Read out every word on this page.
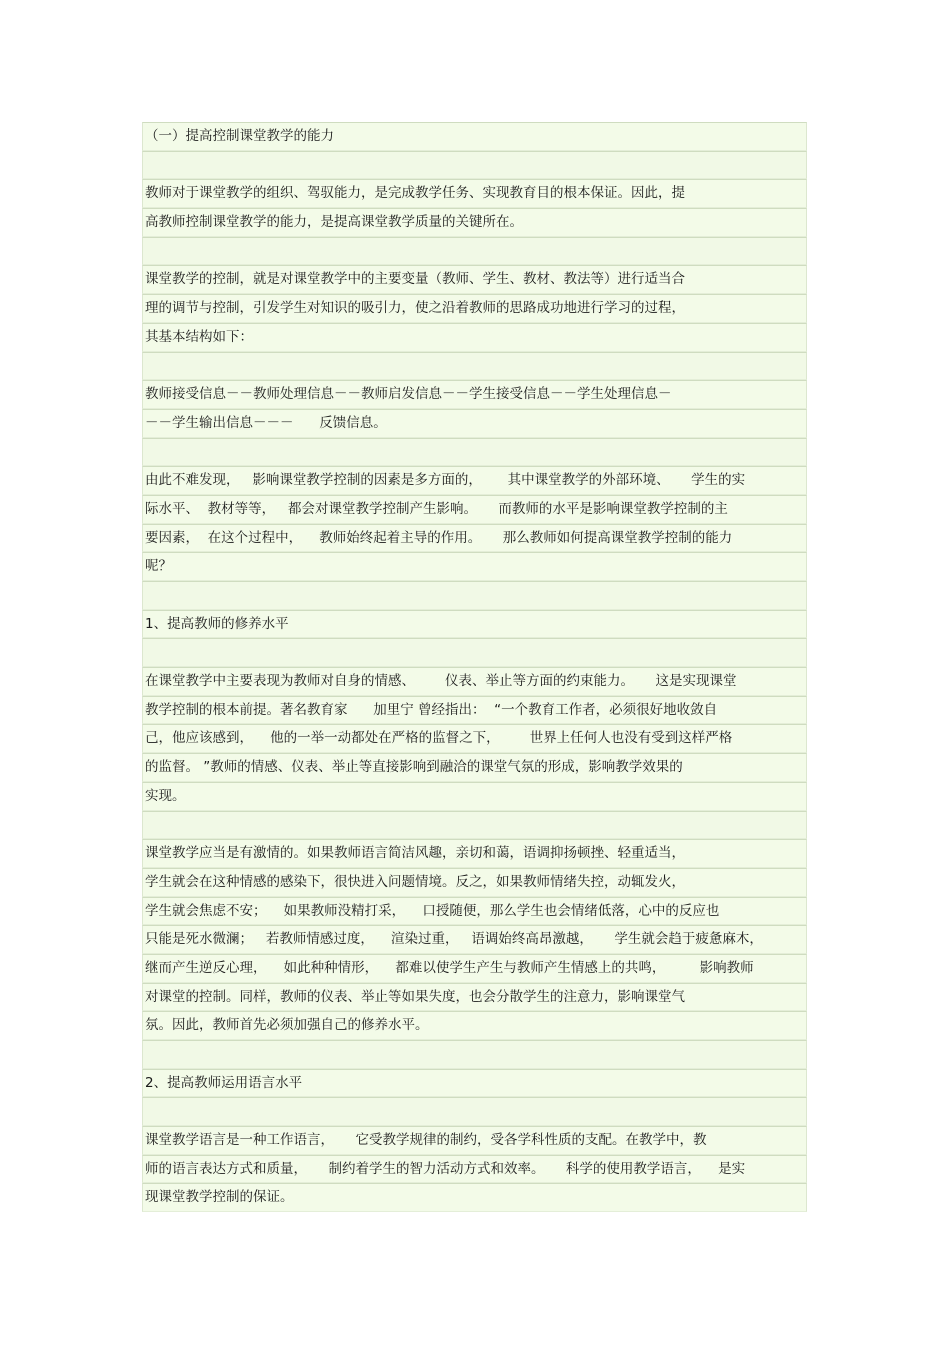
（一）提高控制课堂教学的能力
教师对于课堂教学的组织、驾驭能力，是完成教学任务、实现教育目的根本保证。因此，提
高教师控制课堂教学的能力，是提高课堂教学质量的关键所在。
课堂教学的控制，就是对课堂教学中的主要变量（教师、学生、教材、教法等）进行适当合
理的调节与控制，引发学生对知识的吸引力，使之沿着教师的思路成功地进行学习的过程，
其基本结构如下：
教师接受信息－－教师处理信息－－教师启发信息－－学生接受信息－－学生处理信息－
－－学生输出信息－－－      反馈信息。
由此不难发现，   影响课堂教学控制的因素是多方面的，      其中课堂教学的外部环境、     学生的实
际水平、  教材等等，   都会对课堂教学控制产生影响。     而教师的水平是影响课堂教学控制的主
要因素，  在这个过程中，    教师始终起着主导的作用。     那么教师如何提高课堂教学控制的能力
呢？
1、提高教师的修养水平
在课堂教学中主要表现为教师对自身的情感、       仪表、举止等方面的约束能力。     这是实现课堂
教学控制的根本前提。著名教育家      加里宁 曾经指出：  “一个教育工作者，必须很好地收敛自
己，他应该感到，    他的一举一动都处在严格的监督之下，       世界上任何人也没有受到这样严格
的监督。 ”教师的情感、仪表、举止等直接影响到融洽的课堂气氛的形成，影响教学效果的
实现。
课堂教学应当是有激情的。如果教师语言简洁风趣，亲切和蔼，语调抑扬顿挫、轻重适当，
学生就会在这种情感的感染下，很快进入问题情境。反之，如果教师情绪失控，动辄发火，
学生就会焦虑不安；    如果教师没精打采，    口授随便，那么学生也会情绪低落，心中的反应也
只能是死水微澜；   若教师情感过度，    渲染过重，   语调始终高昂激越，     学生就会趋于疲惫麻木，
继而产生逆反心理，    如此种种情形，    都难以使学生产生与教师产生情感上的共鸣，        影响教师
对课堂的控制。同样，教师的仪表、举止等如果失度，也会分散学生的注意力，影响课堂气
氛。因此，教师首先必须加强自己的修养水平。
2、提高教师运用语言水平
课堂教学语言是一种工作语言，     它受教学规律的制约，受各学科性质的支配。在教学中，教
师的语言表达方式和质量，     制约着学生的智力活动方式和效率。     科学的使用教学语言，    是实
现课堂教学控制的保证。
